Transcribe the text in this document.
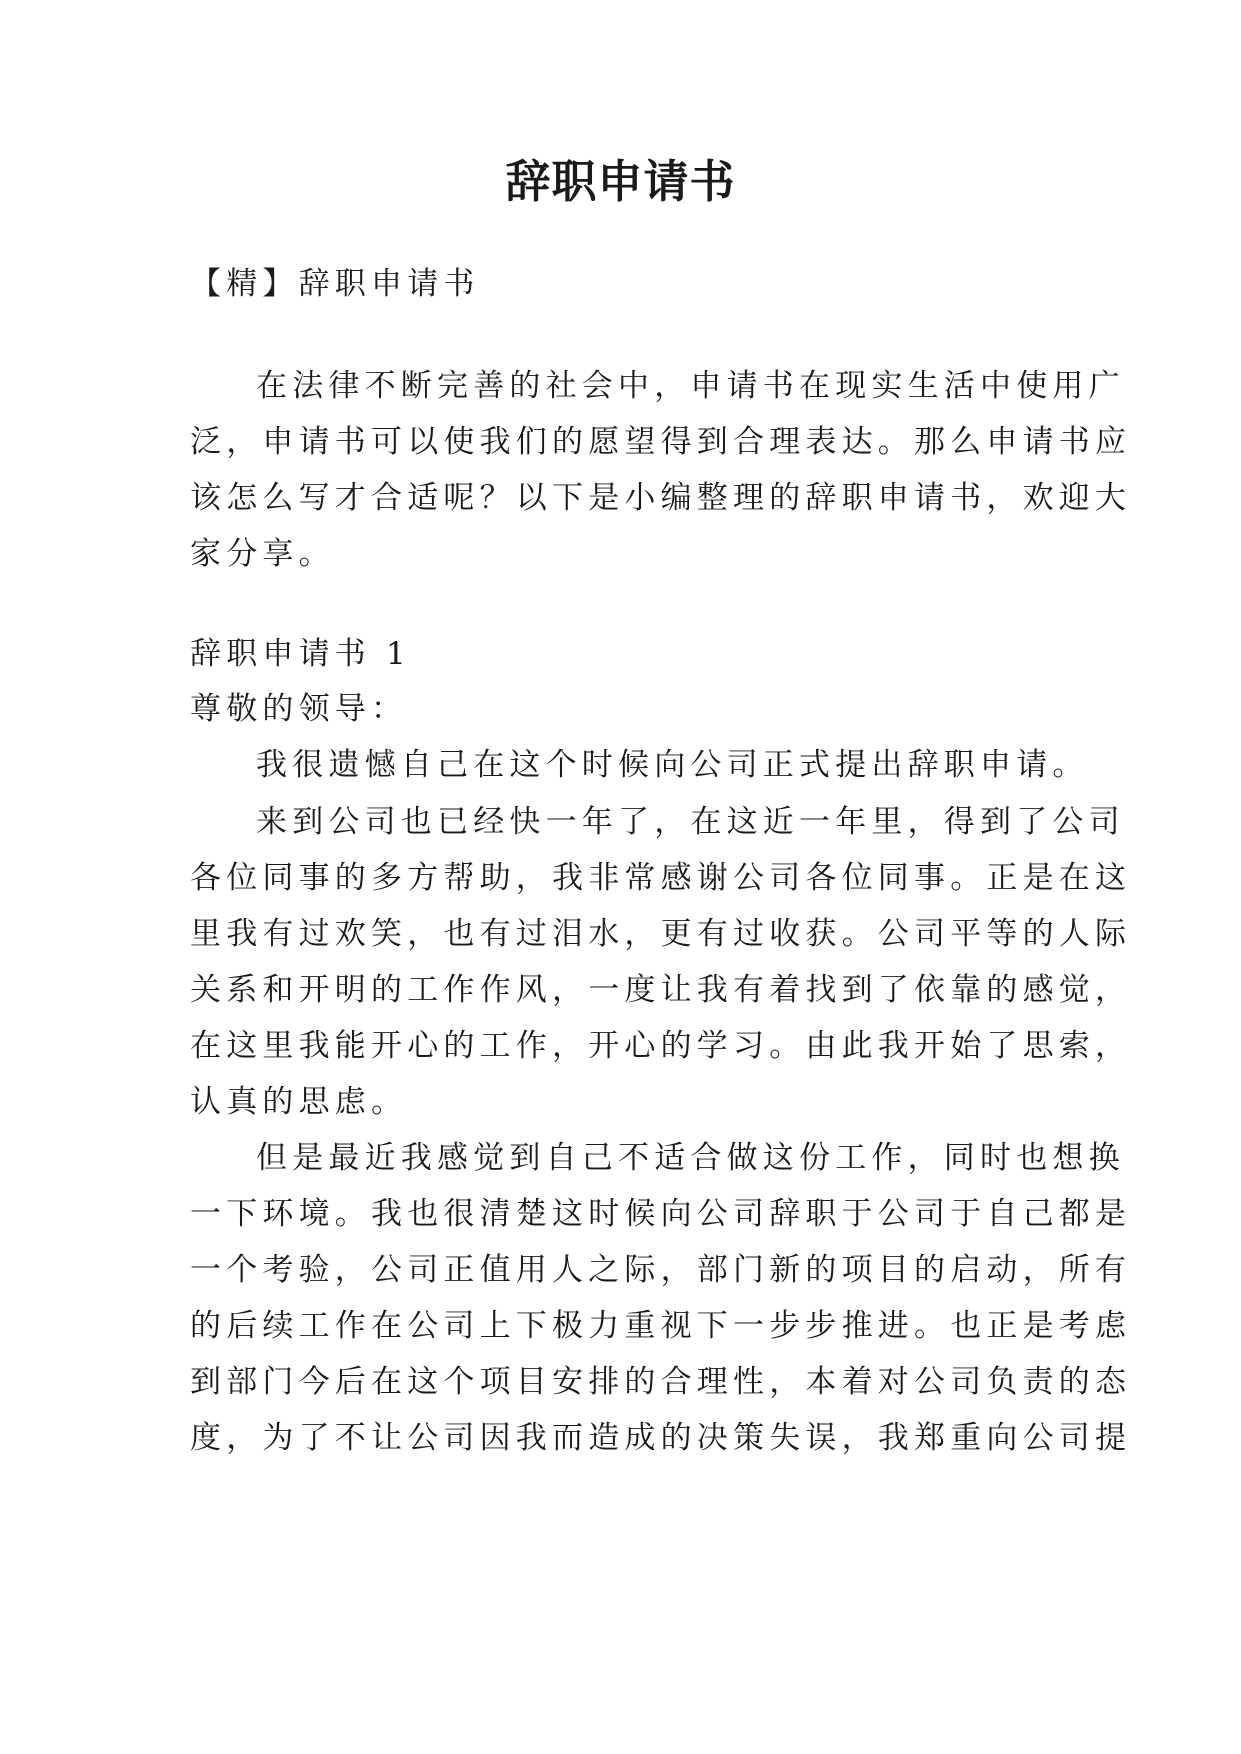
辞职申请书
【精】辞职申请书
在法律不断完善的社会中，申请书在现实生活中使用广
泛，申请书可以使我们的愿望得到合理表达。那么申请书应
该怎么写才合适呢？以下是小编整理的辞职申请书，欢迎大
家分享。
辞职申请书 1
尊敬的领导：
我很遗憾自己在这个时候向公司正式提出辞职申请。
来到公司也已经快一年了，在这近一年里，得到了公司
各位同事的多方帮助，我非常感谢公司各位同事。正是在这
里我有过欢笑，也有过泪水，更有过收获。公司平等的人际
关系和开明的工作作风，一度让我有着找到了依靠的感觉，
在这里我能开心的工作，开心的学习。由此我开始了思索，
认真的思虑。
但是最近我感觉到自己不适合做这份工作，同时也想换
一下环境。我也很清楚这时候向公司辞职于公司于自己都是
一个考验，公司正值用人之际，部门新的项目的启动，所有
的后续工作在公司上下极力重视下一步步推进。也正是考虑
到部门今后在这个项目安排的合理性，本着对公司负责的态
度，为了不让公司因我而造成的决策失误，我郑重向公司提
